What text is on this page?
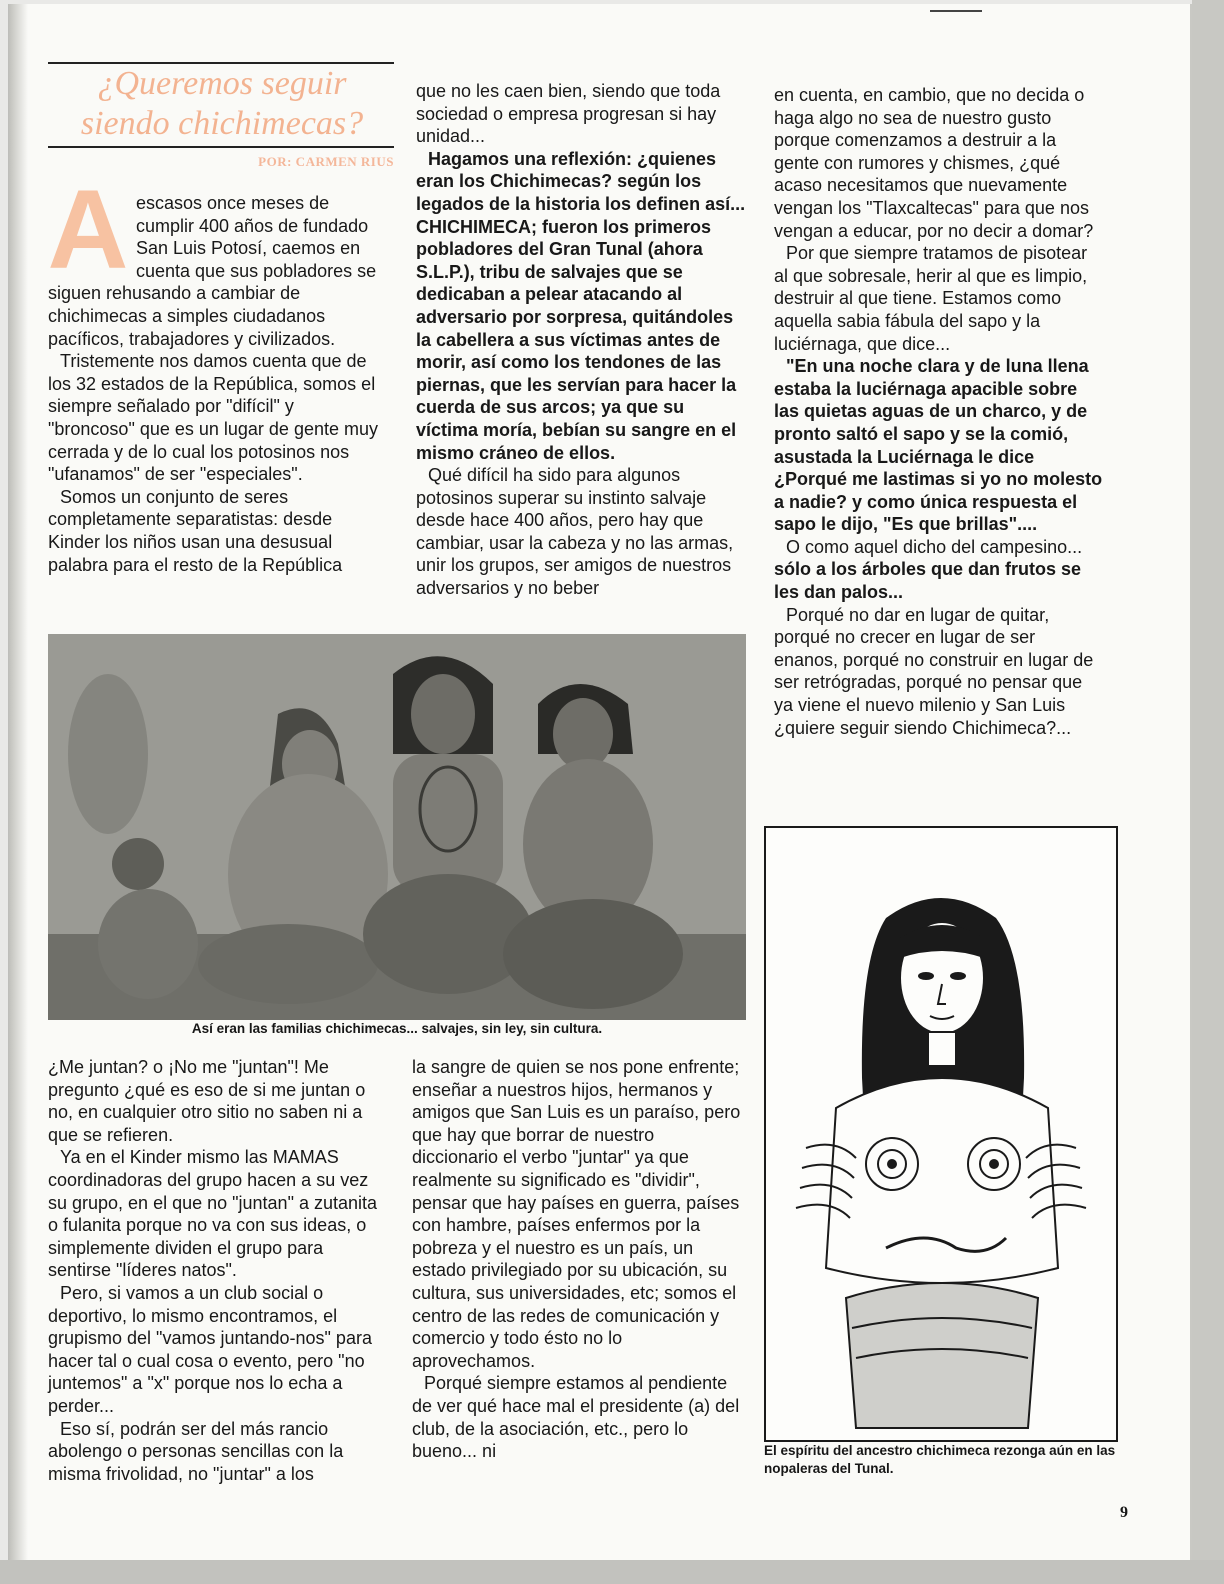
¿Queremos seguir
siendo chichimecas?
POR: CARMEN RIUS
A escasos once meses de cumplir 400 años de fundado San Luis Potosí, caemos en cuenta que sus pobladores se siguen rehusando a cambiar de chichimecas a simples ciudadanos pacíficos, trabajadores y civilizados.

Tristemente nos damos cuenta que de los 32 estados de la República, somos el siempre señalado por "difícil" y "broncoso" que es un lugar de gente muy cerrada y de lo cual los potosinos nos "ufanamos" de ser "especiales".

Somos un conjunto de seres completamente separatistas: desde Kinder los niños usan una desusual palabra para el resto de la República

que no les caen bien, siendo que toda sociedad o empresa progresan si hay unidad...

Hagamos una reflexión: ¿quienes eran los Chichimecas? según los legados de la historia los definen así... CHICHIMECA; fueron los primeros pobladores del Gran Tunal (ahora S.L.P.), tribu de salvajes que se dedicaban a pelear atacando al adversario por sorpresa, quitándoles la cabellera a sus víctimas antes de morir, así como los tendones de las piernas, que les servían para hacer la cuerda de sus arcos; ya que su víctima moría, bebían su sangre en el mismo cráneo de ellos.

Qué difícil ha sido para algunos potosinos superar su instinto salvaje desde hace 400 años, pero hay que cambiar, usar la cabeza y no las armas, unir los grupos, ser amigos de nuestros adversarios y no beber

en cuenta, en cambio, que no decida o haga algo no sea de nuestro gusto porque comenzamos a destruir a la gente con rumores y chismes, ¿qué acaso necesitamos que nuevamente vengan los "Tlaxcaltecas" para que nos vengan a educar, por no decir a domar?

Por que siempre tratamos de pisotear al que sobresale, herir al que es limpio, destruir al que tiene. Estamos como aquella sabia fábula del sapo y la luciérnaga, que dice...

"En una noche clara y de luna llena estaba la luciérnaga apacible sobre las quietas aguas de un charco, y de pronto saltó el sapo y se la comió, asustada la Luciérnaga le dice ¿Porqué me lastimas si yo no molesto a nadie? y como única respuesta el sapo le dijo, "Es que brillas"....

O como aquel dicho del campesino... sólo a los árboles que dan frutos se les dan palos...

Porqué no dar en lugar de quitar, porqué no crecer en lugar de ser enanos, porqué no construir en lugar de ser retrógradas, porqué no pensar que ya viene el nuevo milenio y San Luis ¿quiere seguir siendo Chichimeca?...

Así eran las familias chichimecas... salvajes, sin ley, sin cultura.

¿Me juntan? o ¡No me "juntan"! Me pregunto ¿qué es eso de si me juntan o no, en cualquier otro sitio no saben ni a que se refieren.

Ya en el Kinder mismo las MAMAS coordinadoras del grupo hacen a su vez su grupo, en el que no "juntan" a zutanita o fulanita porque no va con sus ideas, o simplemente dividen el grupo para sentirse "líderes natos".

Pero, si vamos a un club social o deportivo, lo mismo encontramos, el grupismo del "vamos juntando-nos" para hacer tal o cual cosa o evento, pero "no juntemos" a "x" porque nos lo echa a perder...

Eso sí, podrán ser del más rancio abolengo o personas sencillas con la misma frivolidad, no "juntar" a los

la sangre de quien se nos pone enfrente; enseñar a nuestros hijos, hermanos y amigos que San Luis es un paraíso, pero que hay que borrar de nuestro diccionario el verbo "juntar" ya que realmente su significado es "dividir", pensar que hay países en guerra, países con hambre, países enfermos por la pobreza y el nuestro es un país, un estado privilegiado por su ubicación, su cultura, sus universidades, etc; somos el centro de las redes de comunicación y comercio y todo ésto no lo aprovechamos.

Porqué siempre estamos al pendiente de ver qué hace mal el presidente (a) del club, de la asociación, etc., pero lo bueno... ni	El espíritu del ancestro chichimeca rezonga aún en las nopaleras del Tunal.
9
